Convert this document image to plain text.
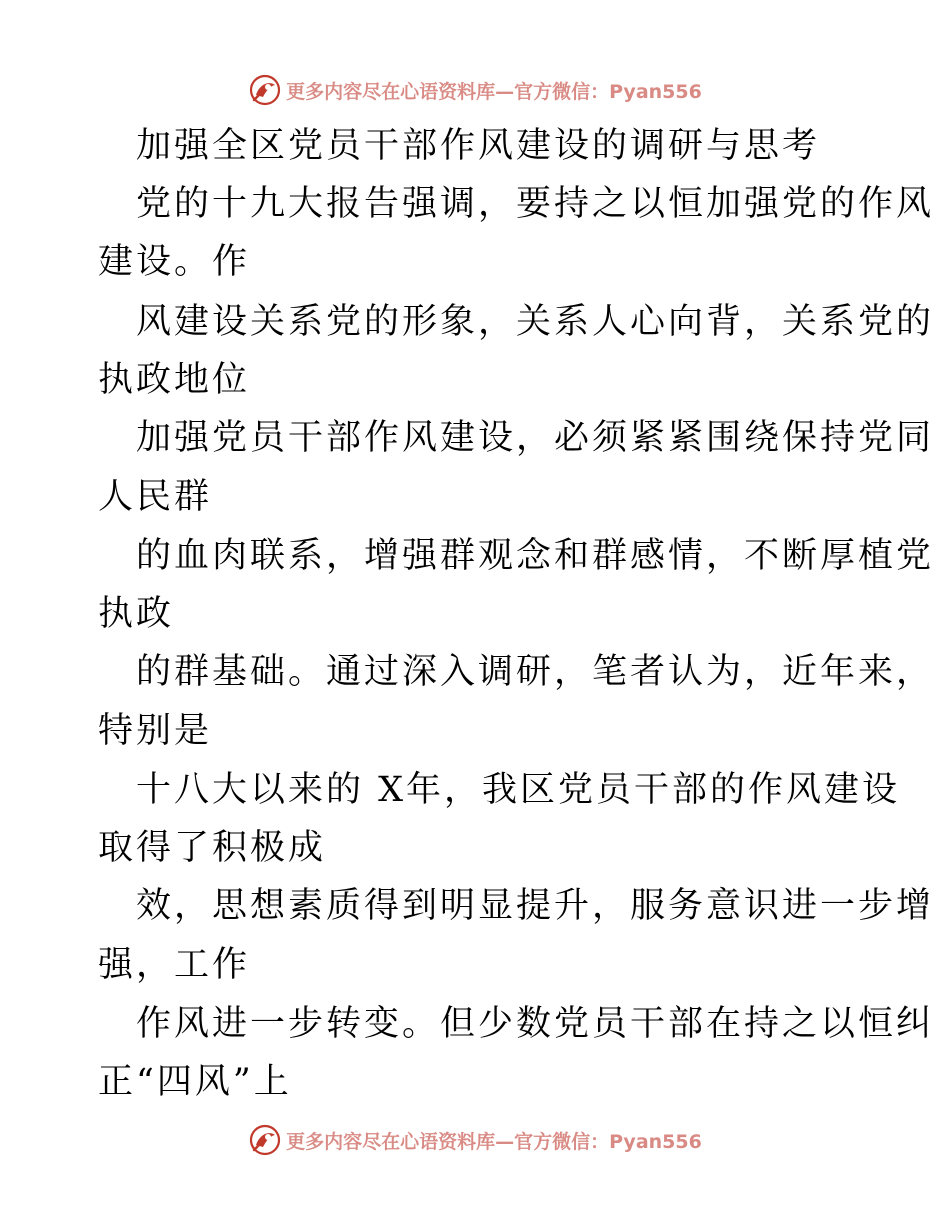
更多内容尽在心语资料库—官方微信：Pyan556
加强全区党员干部作风建设的调研与思考
党的十九大报告强调，要持之以恒加强党的作风
建设。作
风建设关系党的形象，关系人心向背，关系党的
执政地位
加强党员干部作风建设，必须紧紧围绕保持党同
人民群
的血肉联系，增强群观念和群感情，不断厚植党
执政
的群基础。通过深入调研，笔者认为，近年来，
特别是
十八大以来的 X年，我区党员干部的作风建设
取得了积极成
效，思想素质得到明显提升，服务意识进一步增
强，工作
作风进一步转变。但少数党员干部在持之以恒纠
正“四风”上
更多内容尽在心语资料库—官方微信：Pyan556
